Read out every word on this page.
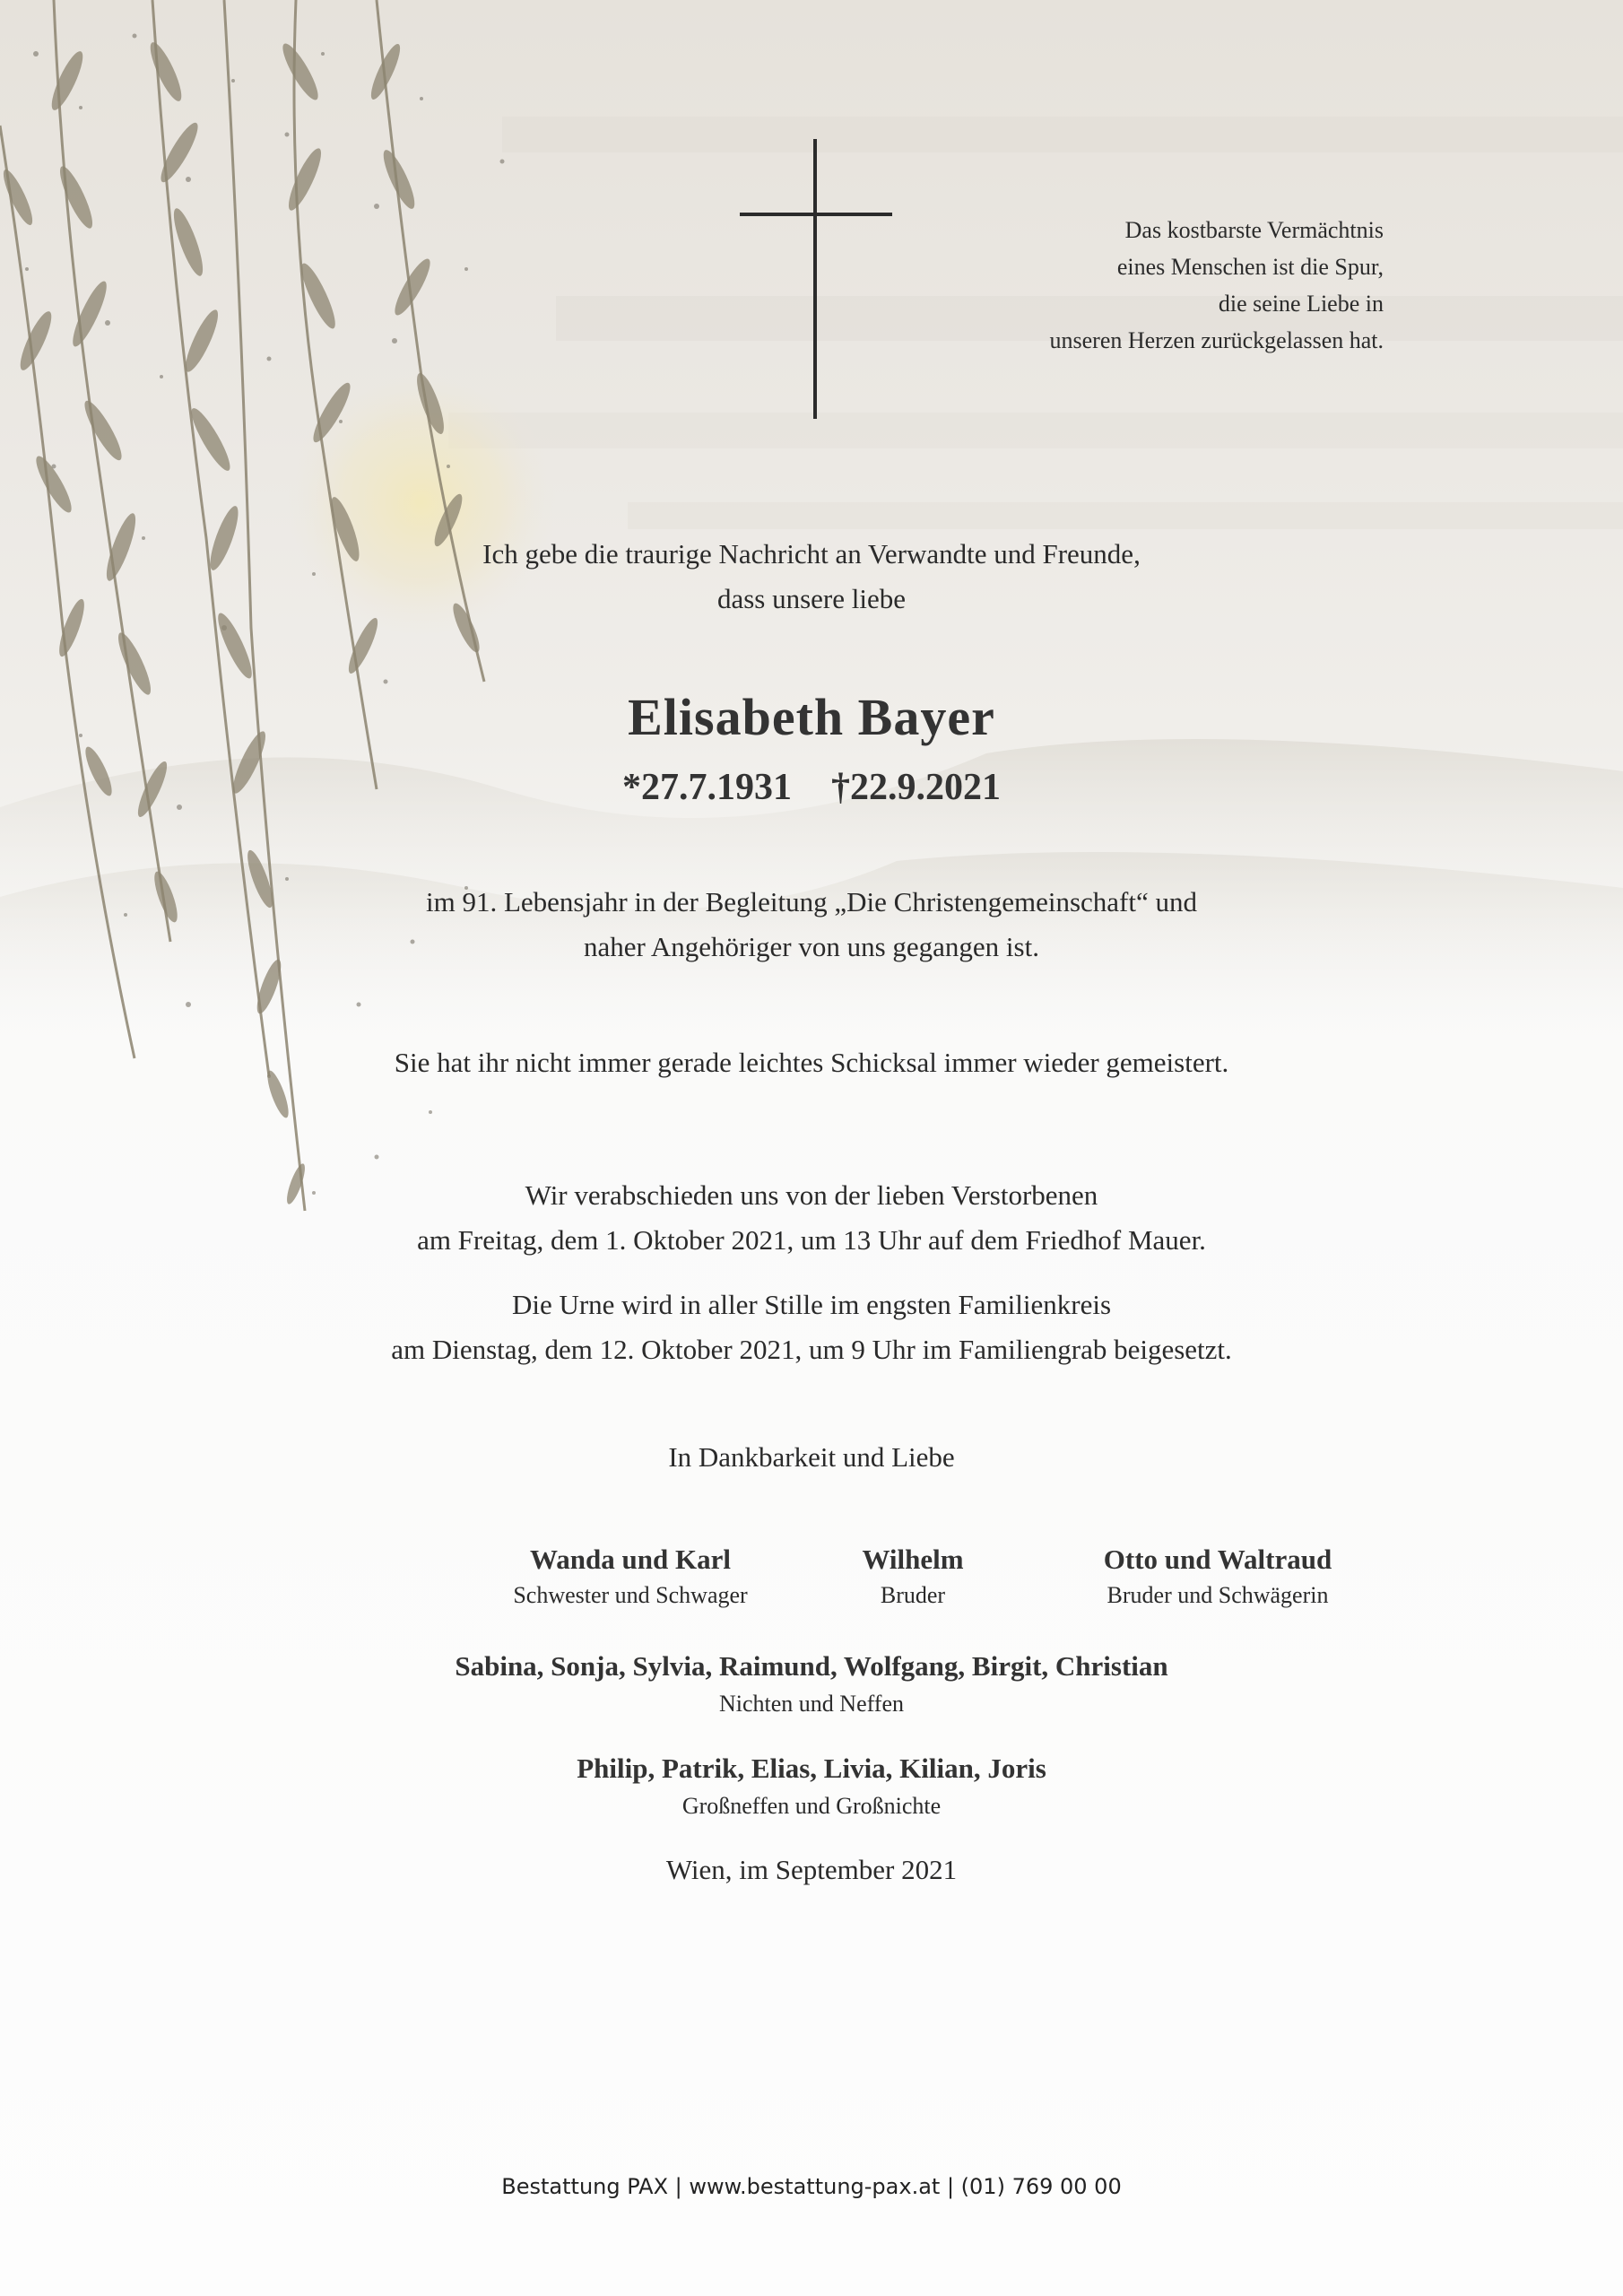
Das kostbarste Vermächtnis
eines Menschen ist die Spur,
die seine Liebe in
unseren Herzen zurückgelassen hat.
Ich gebe die traurige Nachricht an Verwandte und Freunde,
dass unsere liebe
Elisabeth Bayer
*27.7.1931 †22.9.2021
im 91. Lebensjahr in der Begleitung „Die Christengemeinschaft“ und
naher Angehöriger von uns gegangen ist.
Sie hat ihr nicht immer gerade leichtes Schicksal immer wieder gemeistert.
Wir verabschieden uns von der lieben Verstorbenen
am Freitag, dem 1. Oktober 2021, um 13 Uhr auf dem Friedhof Mauer.
Die Urne wird in aller Stille im engsten Familienkreis
am Dienstag, dem 12. Oktober 2021, um 9 Uhr im Familiengrab beigesetzt.
In Dankbarkeit und Liebe
Wanda und Karl
Schwester und Schwager
Wilhelm
Bruder
Otto und Waltraud
Bruder und Schwägerin
Sabina, Sonja, Sylvia, Raimund, Wolfgang, Birgit, Christian
Nichten und Neffen
Philip, Patrik, Elias, Livia, Kilian, Joris
Großneffen und Großnichte
Wien, im September 2021
Bestattung PAX | www.bestattung-pax.at | (01) 769 00 00
